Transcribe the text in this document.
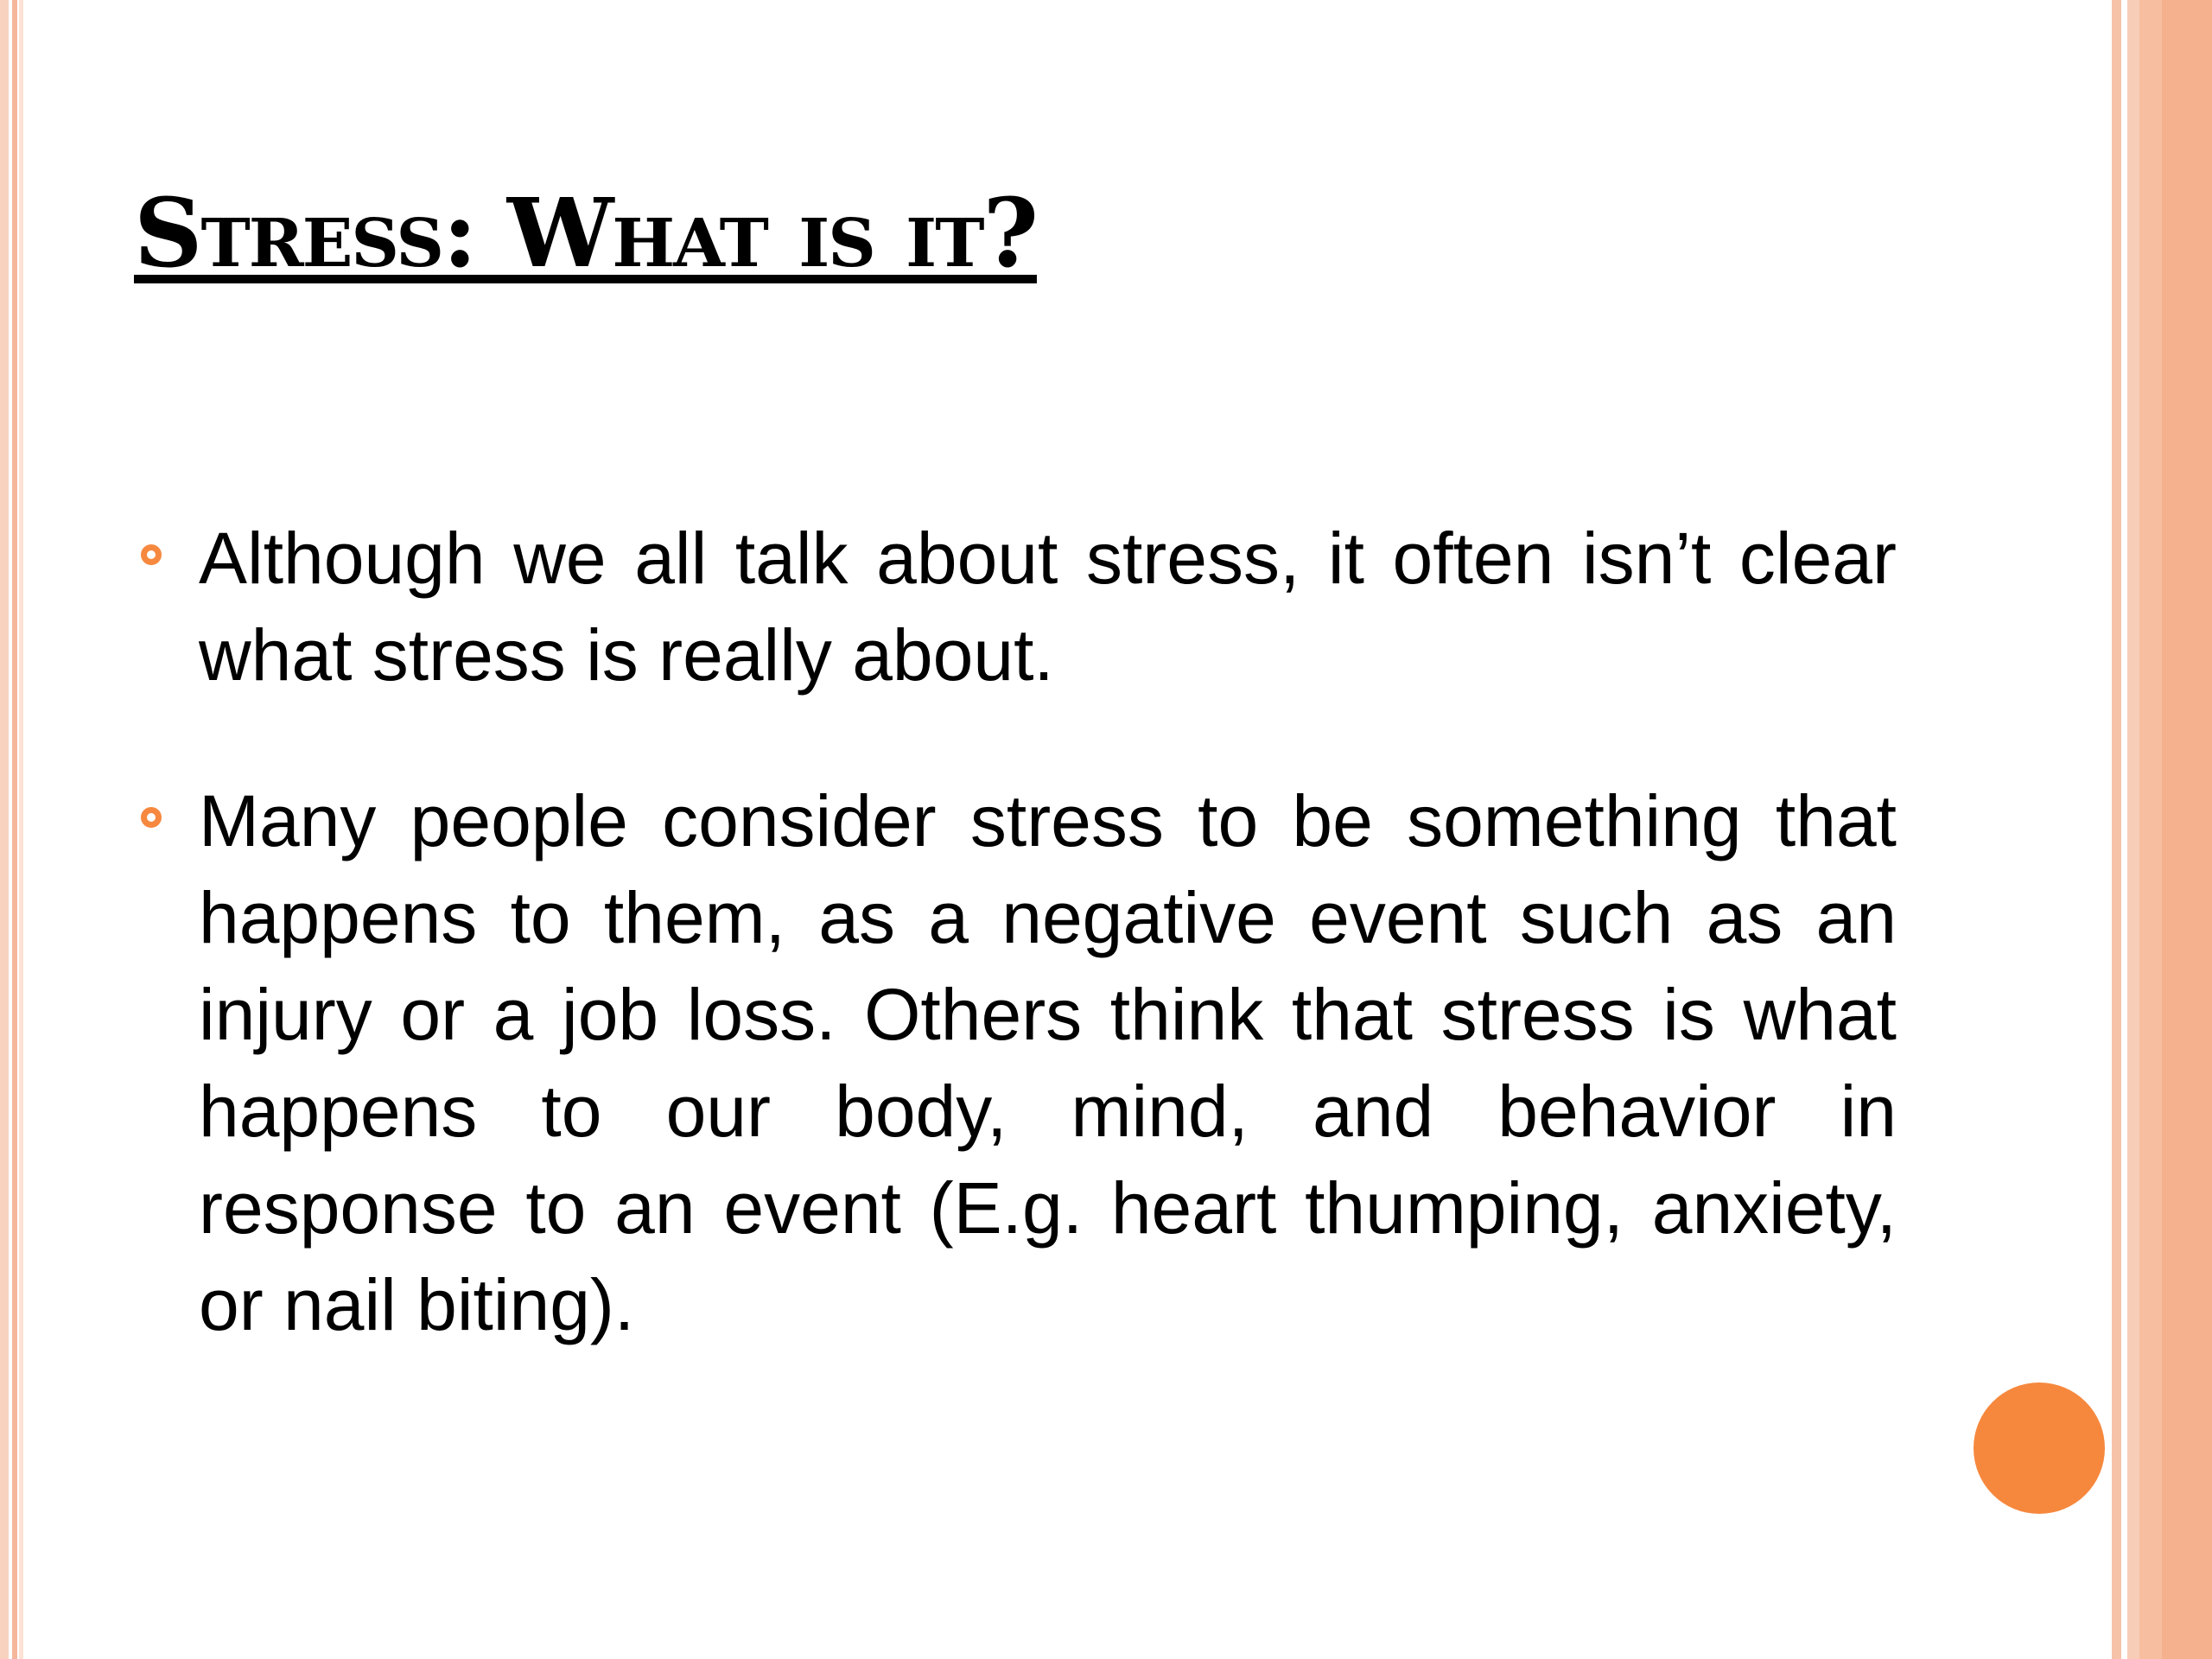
Stress: What is it?
Although we all talk about stress, it often isn’t clear what stress is really about.
Many people consider stress to be something that happens to them, as a negative event such as an injury or a job loss. Others think that stress is what happens to our body, mind, and behavior in response to an event (E.g. heart thumping, anxiety, or nail biting).
